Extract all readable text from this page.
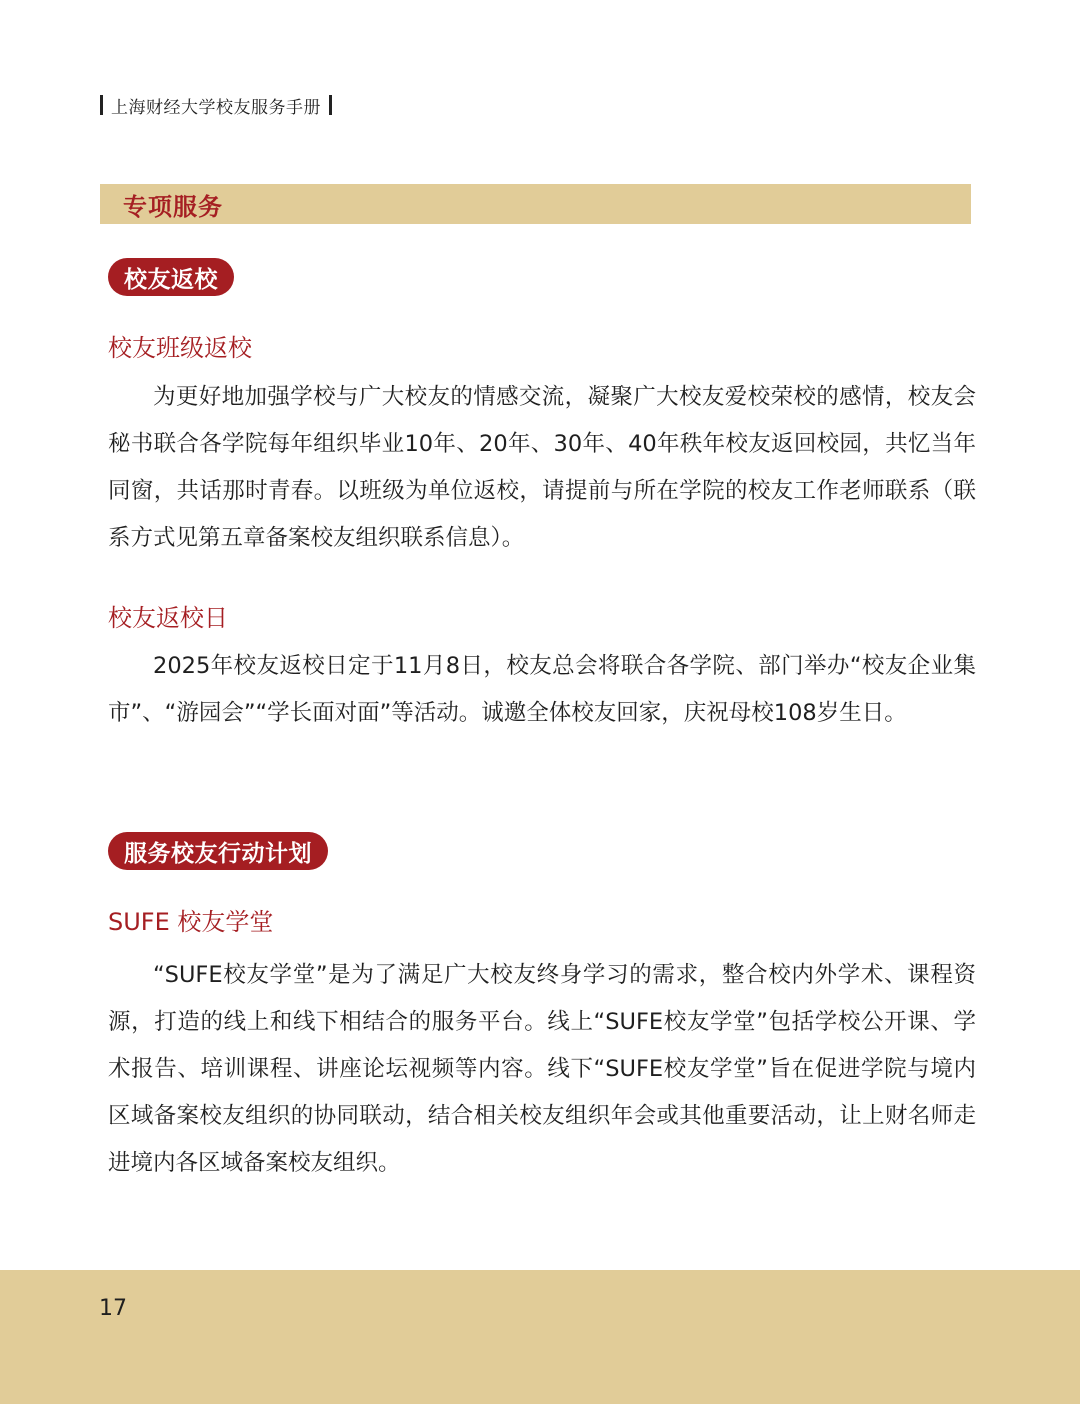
上海财经大学校友服务手册
专项服务
校友返校
校友班级返校

为更好地加强学校与广大校友的情感交流，凝聚广大校友爱校荣校的感情，校友会秘书联合各学院每年组织毕业10年、20年、30年、40年秩年校友返回校园，共忆当年同窗，共话那时青春。以班级为单位返校，请提前与所在学院的校友工作老师联系（联系方式见第五章备案校友组织联系信息）。

校友返校日

2025年校友返校日定于11月8日，校友总会将联合各学院、部门举办“校友企业集市”、“游园会”“学长面对面”等活动。诚邀全体校友回家，庆祝母校108岁生日。

服务校友行动计划
SUFE 校友学堂

“SUFE校友学堂”是为了满足广大校友终身学习的需求，整合校内外学术、课程资源，打造的线上和线下相结合的服务平台。线上“SUFE校友学堂”包括学校公开课、学术报告、培训课程、讲座论坛视频等内容。线下“SUFE校友学堂”旨在促进学院与境内区域备案校友组织的协同联动，结合相关校友组织年会或其他重要活动，让上财名师走进境内各区域备案校友组织。

17
